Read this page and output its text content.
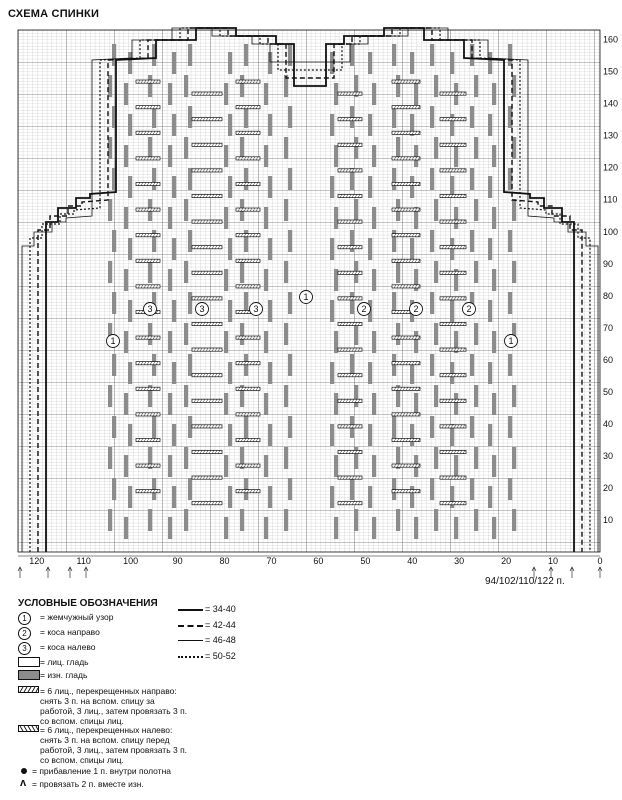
СХЕМА СПИНКИ
1
1
1
2	2	2
3	3	3
10
20
30
40
50
60
70
80
90
100
110
120
130
140
150
160
120	110	100	90	80	70	60	50	40	30	20	10	0
94/102/110/122 п.
УСЛОВНЫЕ ОБОЗНАЧЕНИЯ
1	= жемчужный узор
2	= коса направо
3	= коса налево
= лиц. гладь
= изн. гладь
= 6 лиц., перекрещенных направо: снять 3 п. на вспом. спицу за работой, 3 лиц., затем провязать 3 п. со вспом. спицы лиц.
= 6 лиц., перекрещенных налево: снять 3 п. на вспом. спицу перед работой, 3 лиц., затем провязать 3 п. со вспом. спицы лиц.
= прибавление 1 п. внутри полотна
ʌ = провязать 2 п. вместе изн.
= 34-40
= 42-44
= 46-48
= 50-52
